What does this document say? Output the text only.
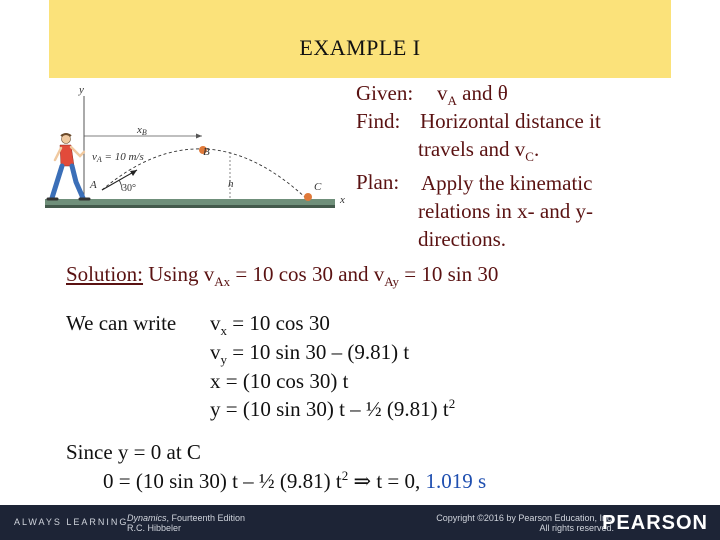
EXAMPLE I
y
x
xB
vA = 10 m/s
30°
A
B
h	C
Given: $v_A$ and θ
Find: Horizontal distance it
travels and $v_C$.
Plan: Apply the kinematic
relations in x- and y-
directions.
Solution: Using $v_{Ax} = 10$ cos 30 and $v_{Ay} = 10$ sin 30
We can write $v_x = 10$ cos 30
$v_y = 10$ sin 30 – (9.81) t
x = (10 cos 30) t
y = (10 sin 30) t – ½ (9.81) $t^2$
Since y = 0 at C
0 = (10 sin 30) t – ½ (9.81) $t^2$ ⇒ t = 0, 1.019 s
ALWAYS LEARNING
Dynamics, Fourteenth Edition
R.C. Hibbeler
Copyright ©2016 by Pearson Education, Inc.
All rights reserved.
PEARSON
